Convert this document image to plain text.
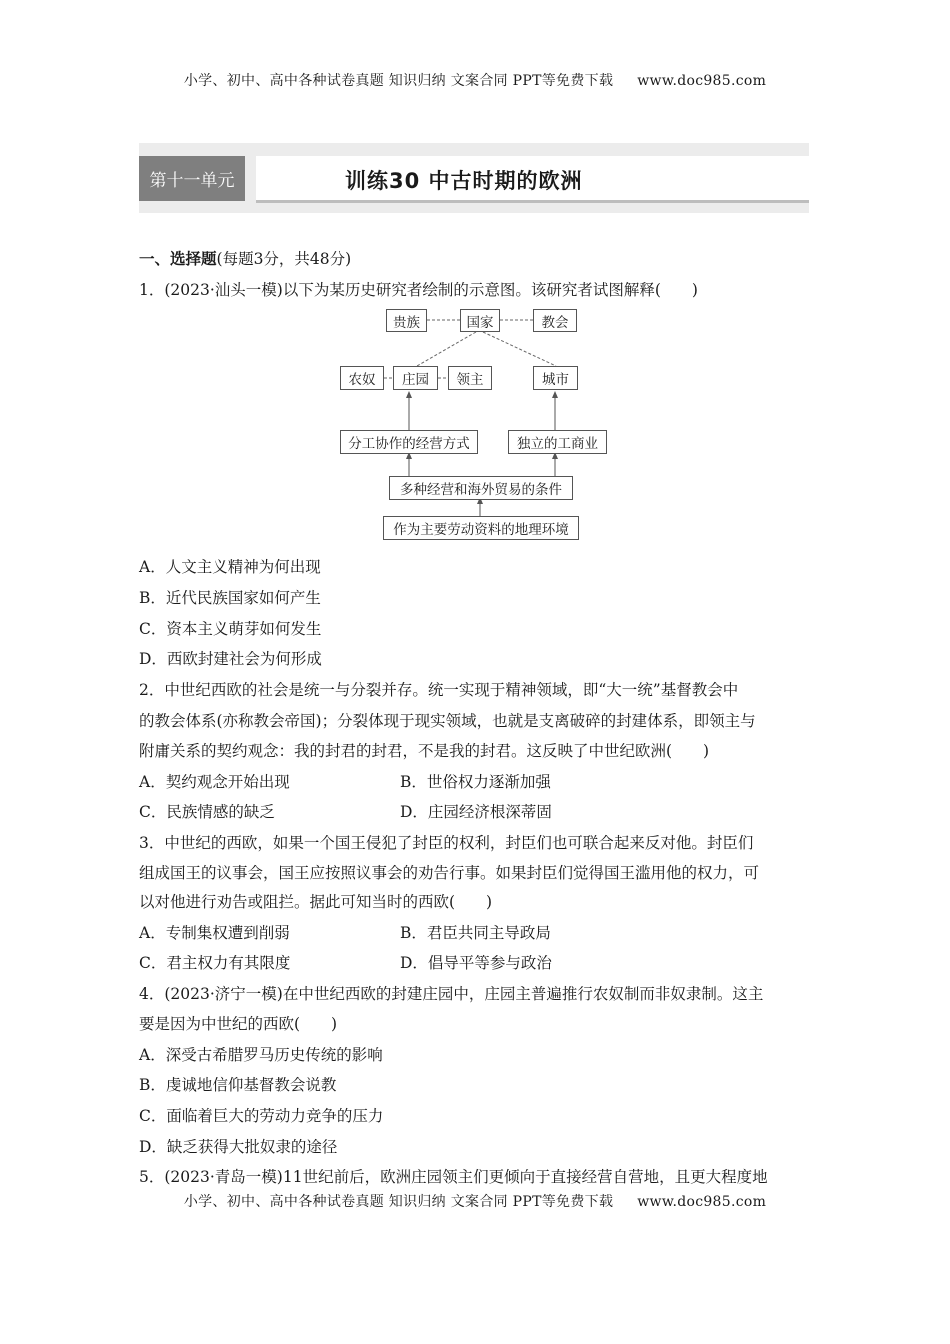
小学、初中、高中各种试卷真题 知识归纳 文案合同 PPT等免费下载 www.doc985.com
第十一单元	训练30 中古时期的欧洲
一、选择题(每题3分，共48分)
1．(2023·汕头一模)以下为某历史研究者绘制的示意图。该研究者试图解释(　　)
贵族	国家	教会
农奴	庄园	领主	城市
分工协作的经营方式	独立的工商业
多种经营和海外贸易的条件
作为主要劳动资料的地理环境
A．人文主义精神为何出现
B．近代民族国家如何产生
C．资本主义萌芽如何发生
D．西欧封建社会为何形成
2．中世纪西欧的社会是统一与分裂并存。统一实现于精神领域，即“大一统”基督教会中
的教会体系(亦称教会帝国)；分裂体现于现实领域，也就是支离破碎的封建体系，即领主与
附庸关系的契约观念：我的封君的封君，不是我的封君。这反映了中世纪欧洲(　　)
A．契约观念开始出现	B．世俗权力逐渐加强
C．民族情感的缺乏	D．庄园经济根深蒂固
3．中世纪的西欧，如果一个国王侵犯了封臣的权利，封臣们也可联合起来反对他。封臣们
组成国王的议事会，国王应按照议事会的劝告行事。如果封臣们觉得国王滥用他的权力，可
以对他进行劝告或阻拦。据此可知当时的西欧(　　)
A．专制集权遭到削弱	B．君臣共同主导政局
C．君主权力有其限度	D．倡导平等参与政治
4．(2023·济宁一模)在中世纪西欧的封建庄园中，庄园主普遍推行农奴制而非奴隶制。这主
要是因为中世纪的西欧(　　)
A．深受古希腊罗马历史传统的影响
B．虔诚地信仰基督教会说教
C．面临着巨大的劳动力竞争的压力
D．缺乏获得大批奴隶的途径
5．(2023·青岛一模)11世纪前后，欧洲庄园领主们更倾向于直接经营自营地，且更大程度地
小学、初中、高中各种试卷真题 知识归纳 文案合同 PPT等免费下载 www.doc985.com
